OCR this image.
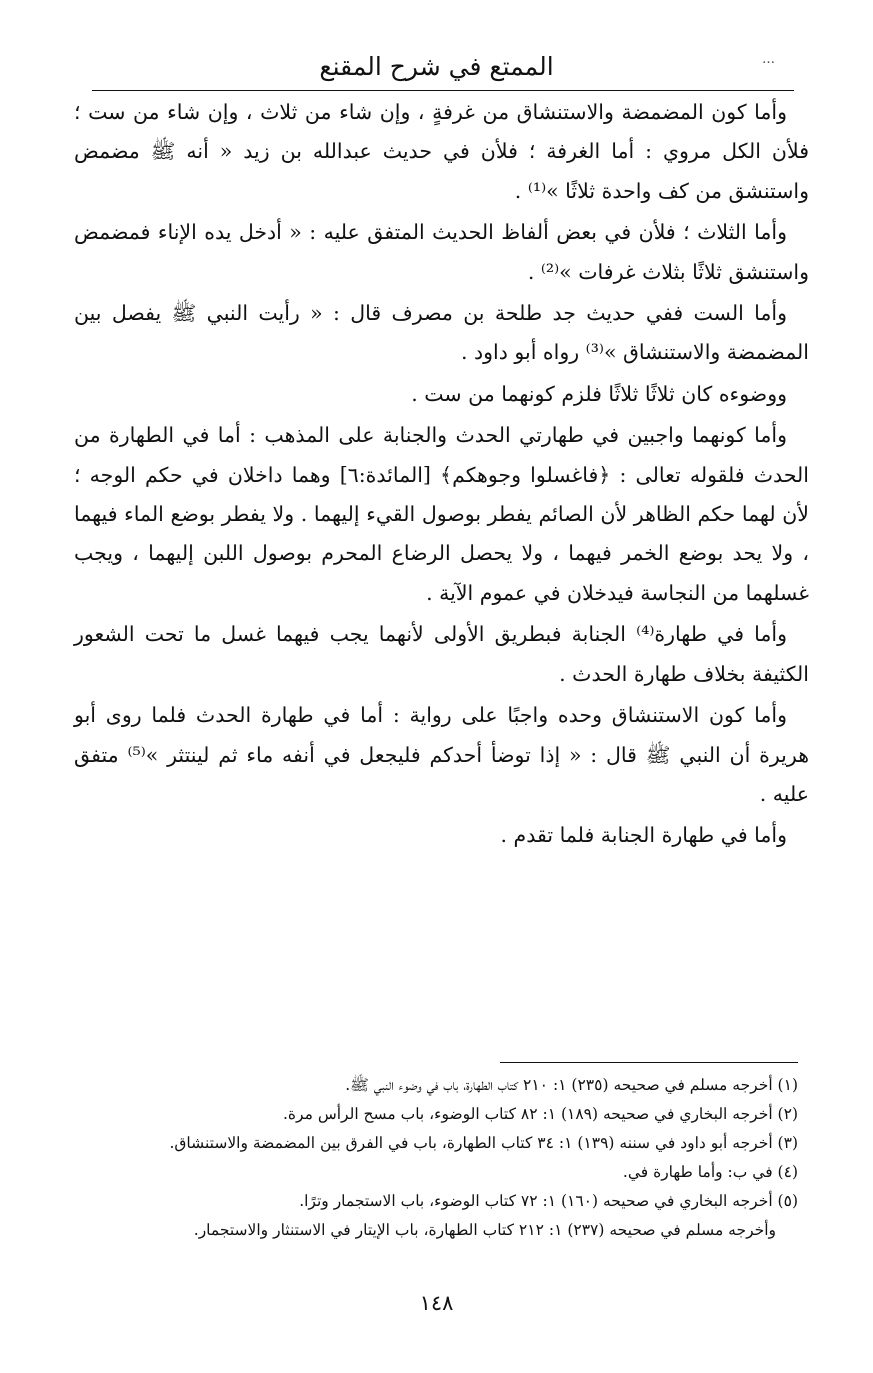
…
الممتع في شرح المقنع

وأما كون المضمضة والاستنشاق من غرفةٍ ، وإن شاء من ثلاث ، وإن شاء من ست ؛ فلأن الكل مروي : أما الغرفة ؛ فلأن في حديث عبدالله بن زيد « أنه ﷺ مضمض واستنشق من كف واحدة ثلاثًا »⁽¹⁾ .

وأما الثلاث ؛ فلأن في بعض ألفاظ الحديث المتفق عليه : « أدخل يده الإناء فمضمض واستنشق ثلاثًا بثلاث غرفات »⁽²⁾ .

وأما الست ففي حديث جد طلحة بن مصرف قال : « رأيت النبي ﷺ يفصل بين المضمضة والاستنشاق »⁽³⁾ رواه أبو داود .

ووضوءه كان ثلاثًا ثلاثًا فلزم كونهما من ست .

وأما كونهما واجبين في طهارتي الحدث والجنابة على المذهب : أما في الطهارة من الحدث فلقوله تعالى : ﴿فاغسلوا وجوهكم﴾ [المائدة:٦] وهما داخلان في حكم الوجه ؛ لأن لهما حكم الظاهر لأن الصائم يفطر بوصول القيء إليهما . ولا يفطر بوضع الماء فيهما ، ولا يحد بوضع الخمر فيهما ، ولا يحصل الرضاع المحرم بوصول اللبن إليهما ، ويجب غسلهما من النجاسة فيدخلان في عموم الآية .

وأما في طهارة⁽⁴⁾ الجنابة فبطريق الأولى لأنهما يجب فيهما غسل ما تحت الشعور الكثيفة بخلاف طهارة الحدث .

وأما كون الاستنشاق وحده واجبًا على رواية : أما في طهارة الحدث فلما روى أبو هريرة أن النبي ﷺ قال : « إذا توضأ أحدكم فليجعل في أنفه ماء ثم لينتثر »⁽⁵⁾ متفق عليه .

وأما في طهارة الجنابة فلما تقدم .

(١) أخرجه مسلم في صحيحه (٢٣٥) ١: ٢١٠ كتاب الطهارة، باب في وضوء النبي ﷺ.

(٢) أخرجه البخاري في صحيحه (١٨٩) ١: ٨٢ كتاب الوضوء، باب مسح الرأس مرة.

(٣) أخرجه أبو داود في سننه (١٣٩) ١: ٣٤ كتاب الطهارة، باب في الفرق بين المضمضة والاستنشاق.

(٤) في ب: وأما طهارة في.

(٥) أخرجه البخاري في صحيحه (١٦٠) ١: ٧٢ كتاب الوضوء، باب الاستجمار وترًا.

وأخرجه مسلم في صحيحه (٢٣٧) ١: ٢١٢ كتاب الطهارة، باب الإيتار في الاستنثار والاستجمار.

١٤٨
